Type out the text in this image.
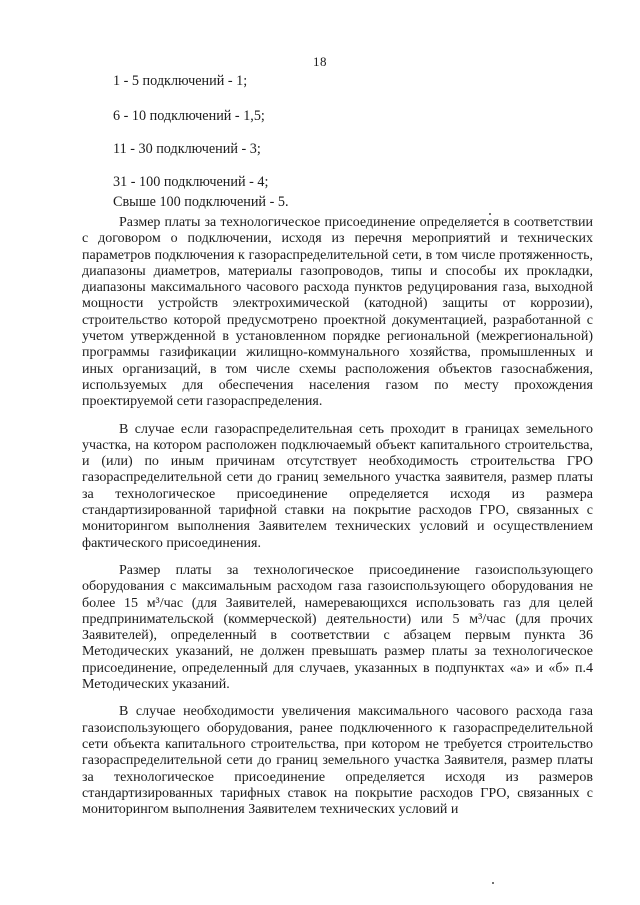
18
1 - 5 подключений - 1;
6 - 10 подключений - 1,5;
11 - 30 подключений - 3;
31 - 100 подключений - 4;
Свыше 100 подключений - 5.

Размер платы за технологическое присоединение определяется в соответствии с договором о подключении, исходя из перечня мероприятий и технических параметров подключения к газораспределительной сети, в том числе протяженность, диапазоны диаметров, материалы газопроводов, типы и способы их прокладки, диапазоны максимального часового расхода пунктов редуцирования газа, выходной мощности устройств электрохимической (катодной) защиты от коррозии), строительство которой предусмотрено проектной документацией, разработанной с учетом утвержденной в установленном порядке региональной (межрегиональной) программы газификации жилищно-коммунального хозяйства, промышленных и иных организаций, в том числе схемы расположения объектов газоснабжения, используемых для обеспечения населения газом по месту прохождения проектируемой сети газораспределения.

В случае если газораспределительная сеть проходит в границах земельного участка, на котором расположен подключаемый объект капитального строительства, и (или) по иным причинам отсутствует необходимость строительства ГРО газораспределительной сети до границ земельного участка заявителя, размер платы за технологическое присоединение определяется исходя из размера стандартизированной тарифной ставки на покрытие расходов ГРО, связанных с мониторингом выполнения Заявителем технических условий и осуществлением фактического присоединения.

Размер платы за технологическое присоединение газоиспользующего оборудования с максимальным расходом газа газоиспользующего оборудования не более 15 м³/час (для Заявителей, намеревающихся использовать газ для целей предпринимательской (коммерческой) деятельности) или 5 м³/час (для прочих Заявителей), определенный в соответствии с абзацем первым пункта 36 Методических указаний, не должен превышать размер платы за технологическое присоединение, определенный для случаев, указанных в подпунктах «а» и «б» п.4 Методических указаний.

В случае необходимости увеличения максимального часового расхода газа газоиспользующего оборудования, ранее подключенного к газораспределительной сети объекта капитального строительства, при котором не требуется строительство газораспределительной сети до границ земельного участка Заявителя, размер платы за технологическое присоединение определяется исходя из размеров стандартизированных тарифных ставок на покрытие расходов ГРО, связанных с мониторингом выполнения Заявителем технических условий и
